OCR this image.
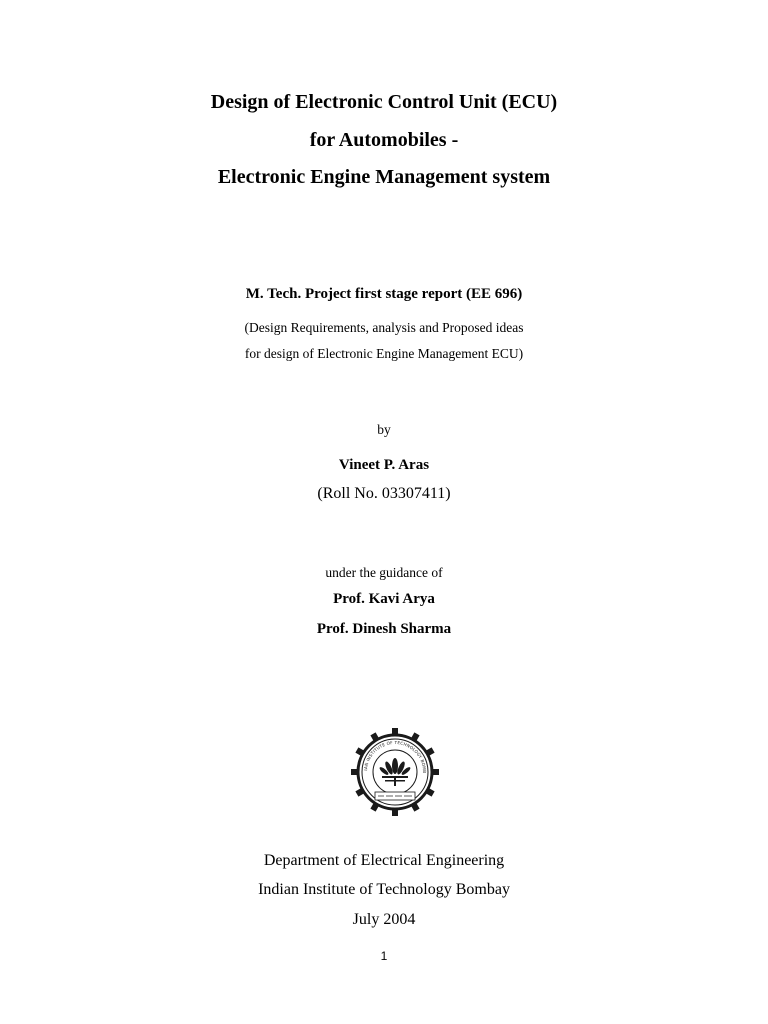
Design of Electronic Control Unit (ECU)
for Automobiles -
Electronic Engine Management system
M. Tech. Project first stage report (EE 696)
(Design Requirements, analysis and Proposed ideas
for design of Electronic Engine Management ECU)
by
Vineet P. Aras
(Roll No. 03307411)
under the guidance of
Prof. Kavi Arya
Prof. Dinesh Sharma
IAN INSTITUTE OF TECHNOLOGY BOMB
Department of Electrical Engineering
Indian Institute of Technology Bombay
July 2004
1
